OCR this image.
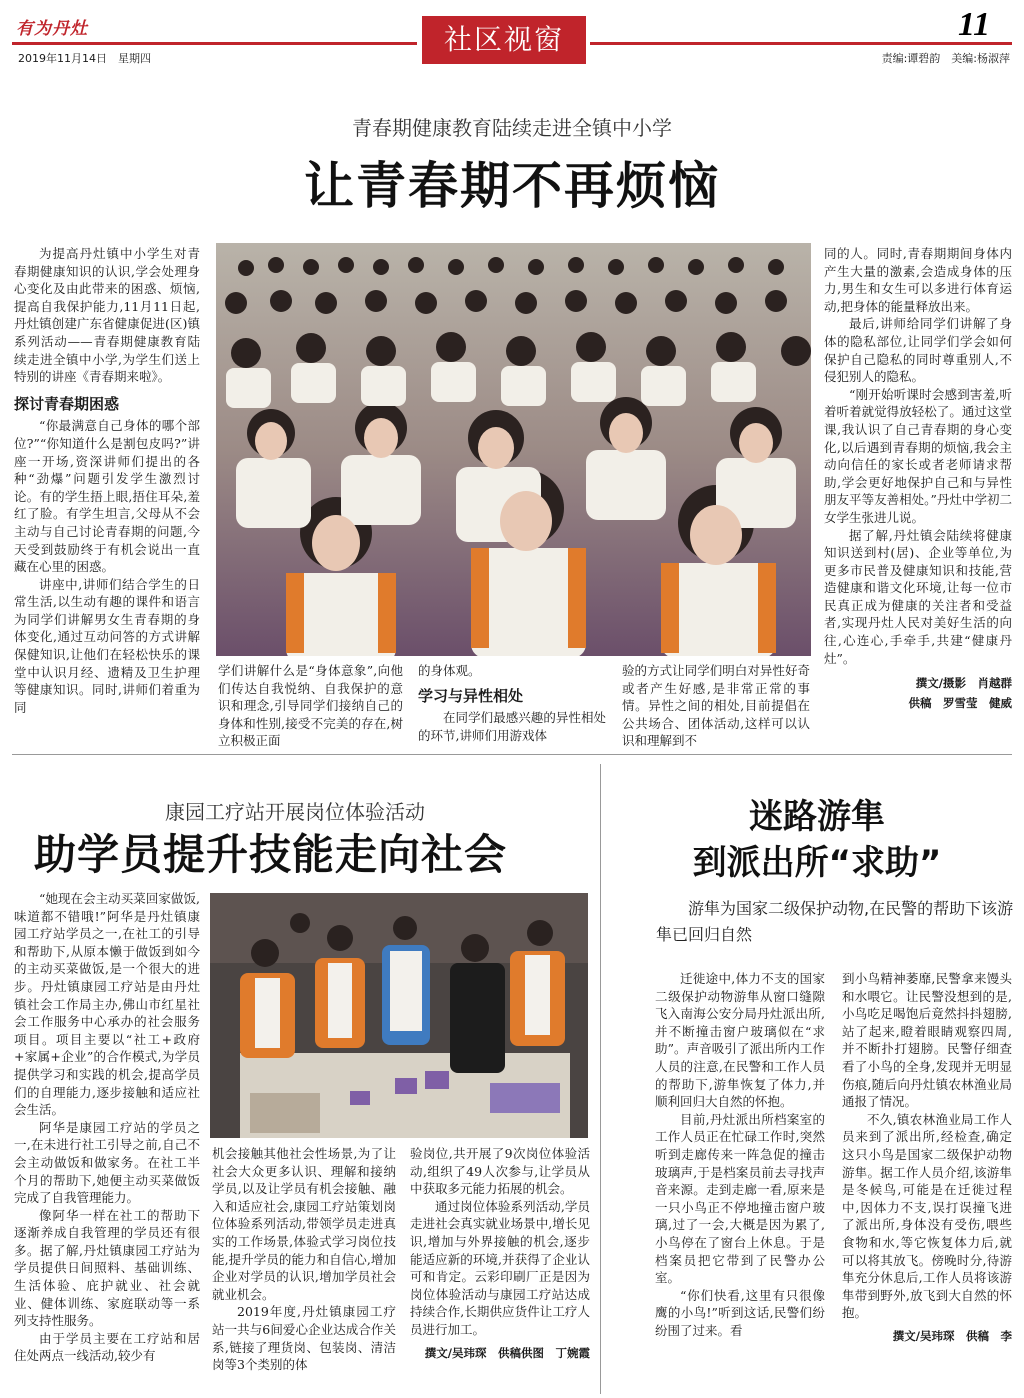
有为丹灶	社区视窗	11
2019年11月14日　星期四	责编:谭碧韵　美编:杨淑萍
青春期健康教育陆续走进全镇中小学
让青春期不再烦恼

为提高丹灶镇中小学生对青春期健康知识的认识,学会处理身心变化及由此带来的困惑、烦恼,提高自我保护能力,11月11日起,丹灶镇创建广东省健康促进(区)镇系列活动——青春期健康教育陆续走进全镇中小学,为学生们送上特别的讲座《青春期来啦》。

探讨青春期困惑

“你最满意自己身体的哪个部位?”“你知道什么是割包皮吗?”讲座一开场,资深讲师们提出的各种“劲爆”问题引发学生激烈讨论。有的学生捂上眼,捂住耳朵,羞红了脸。有学生坦言,父母从不会主动与自己讨论青春期的问题,今天受到鼓励终于有机会说出一直藏在心里的困惑。

讲座中,讲师们结合学生的日常生活,以生动有趣的课件和语言为同学们讲解男女生青春期的身体变化,通过互动问答的方式讲解保健知识,让他们在轻松快乐的课堂中认识月经、遗精及卫生护理等健康知识。同时,讲师们着重为同

学们讲解什么是“身体意象”,向他们传达自我悦纳、自我保护的意识和理念,引导同学们接纳自己的身体和性别,接受不完美的存在,树立积极正面

的身体观。

学习与异性相处

在同学们最感兴趣的异性相处的环节,讲师们用游戏体

验的方式让同学们明白对异性好奇或者产生好感,是非常正常的事情。异性之间的相处,目前提倡在公共场合、团体活动,这样可以认识和理解到不

同的人。同时,青春期期间身体内产生大量的激素,会造成身体的压力,男生和女生可以多进行体育运动,把身体的能量释放出来。

最后,讲师给同学们讲解了身体的隐私部位,让同学们学会如何保护自己隐私的同时尊重别人,不侵犯别人的隐私。

“刚开始听课时会感到害羞,听着听着就觉得放轻松了。通过这堂课,我认识了自己青春期的身心变化,以后遇到青春期的烦恼,我会主动向信任的家长或者老师请求帮助,学会更好地保护自己和与异性朋友平等友善相处。”丹灶中学初二女学生张进儿说。

据了解,丹灶镇会陆续将健康知识送到村(居)、企业等单位,为更多市民普及健康知识和技能,营造健康和谐文化环境,让每一位市民真正成为健康的关注者和受益者,实现丹灶人民对美好生活的向往,心连心,手牵手,共建“健康丹灶”。

撰文/摄影　肖越群

供稿　罗雪莹　健威

康园工疗站开展岗位体验活动
助学员提升技能走向社会

“她现在会主动买菜回家做饭,味道都不错哦!”阿华是丹灶镇康园工疗站学员之一,在社工的引导和帮助下,从原本懒于做饭到如今的主动买菜做饭,是一个很大的进步。丹灶镇康园工疗站是由丹灶镇社会工作局主办,佛山市红星社会工作服务中心承办的社会服务项目。项目主要以“社工+政府+家属+企业”的合作模式,为学员提供学习和实践的机会,提高学员们的自理能力,逐步接触和适应社会生活。

阿华是康园工疗站的学员之一,在未进行社工引导之前,自己不会主动做饭和做家务。在社工半个月的帮助下,她便主动买菜做饭完成了自我管理能力。

像阿华一样在社工的帮助下逐渐养成自我管理的学员还有很多。据了解,丹灶镇康园工疗站为学员提供日间照料、基础训练、生活体验、庇护就业、社会就业、健体训练、家庭联动等一系列支持性服务。

由于学员主要在工疗站和居住处两点一线活动,较少有

机会接触其他社会性场景,为了让社会大众更多认识、理解和接纳学员,以及让学员有机会接触、融入和适应社会,康园工疗站策划岗位体验系列活动,带领学员走进真实的工作场景,体验式学习岗位技能,提升学员的能力和自信心,增加企业对学员的认识,增加学员社会就业机会。

2019年度,丹灶镇康园工疗站一共与6间爱心企业达成合作关系,链接了理货岗、包装岗、清洁岗等3个类别的体

验岗位,共开展了9次岗位体验活动,组织了49人次参与,让学员从中获取多元能力拓展的机会。

通过岗位体验系列活动,学员走进社会真实就业场景中,增长见识,增加与外界接触的机会,逐步能适应新的环境,并获得了企业认可和肯定。云彩印刷厂正是因为岗位体验活动与康园工疗站达成持续合作,长期供应货件让工疗人员进行加工。

撰文/吴玮琛　供稿供图　丁婉霞

迷路游隼
到派出所“求助”
游隼为国家二级保护动物,在民警的帮助下该游隼已回归自然

迁徙途中,体力不支的国家二级保护动物游隼从窗口缝隙飞入南海公安分局丹灶派出所,并不断撞击窗户玻璃似在“求助”。声音吸引了派出所内工作人员的注意,在民警和工作人员的帮助下,游隼恢复了体力,并顺利回归大自然的怀抱。

目前,丹灶派出所档案室的工作人员正在忙碌工作时,突然听到走廊传来一阵急促的撞击玻璃声,于是档案员前去寻找声音来源。走到走廊一看,原来是一只小鸟正不停地撞击窗户玻璃,过了一会,大概是因为累了,小鸟停在了窗台上休息。于是档案员把它带到了民警办公室。

“你们快看,这里有只很像鹰的小鸟!”听到这话,民警们纷纷围了过来。看

到小鸟精神萎靡,民警拿来馒头和水喂它。让民警没想到的是,小鸟吃足喝饱后竟然抖抖翅膀,站了起来,瞪着眼睛观察四周,并不断扑打翅膀。民警仔细查看了小鸟的全身,发现并无明显伤痕,随后向丹灶镇农林渔业局通报了情况。

不久,镇农林渔业局工作人员来到了派出所,经检查,确定这只小鸟是国家二级保护动物游隼。据工作人员介绍,该游隼是冬候鸟,可能是在迁徙过程中,因体力不支,误打误撞飞进了派出所,身体没有受伤,喂些食物和水,等它恢复体力后,就可以将其放飞。傍晚时分,待游隼充分休息后,工作人员将该游隼带到野外,放飞到大自然的怀抱。

撰文/吴玮琛　供稿　李
